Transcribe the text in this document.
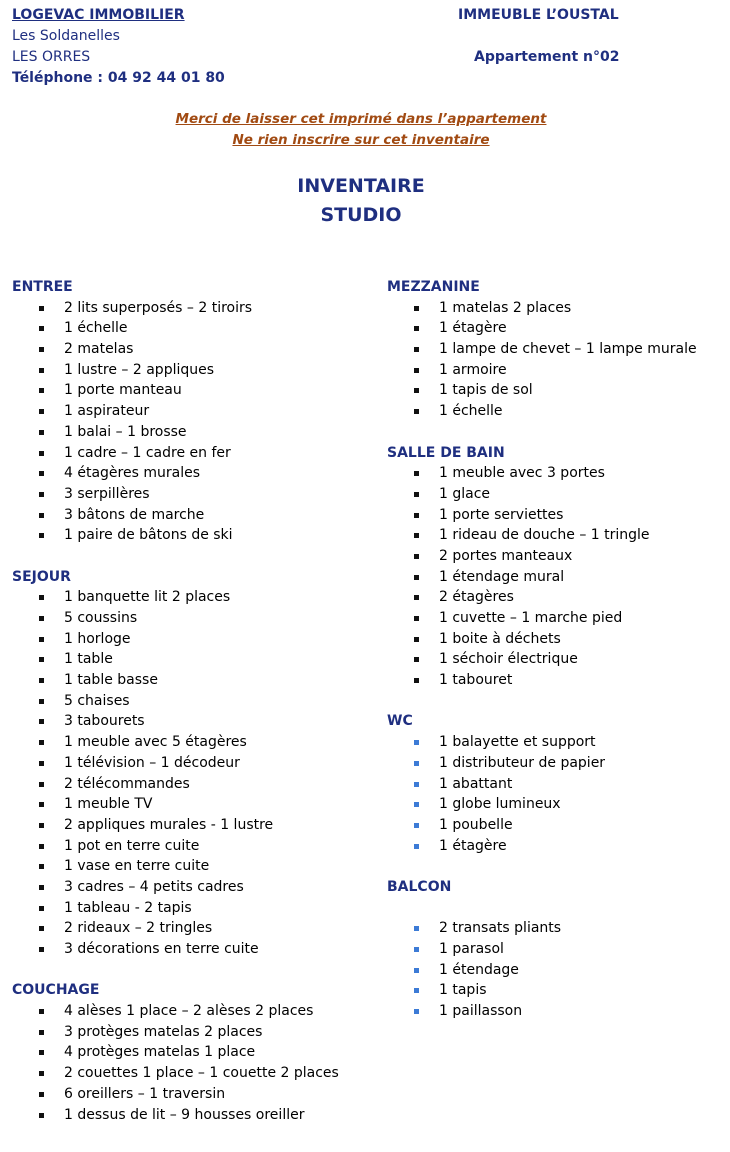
LOGEVAC IMMOBILIER
Les Soldanelles
LES ORRES
Téléphone : 04 92 44 01 80
IMMEUBLE L’OUSTAL
Appartement n°02
Merci de laisser cet imprimé dans l’appartement
Ne rien inscrire sur cet inventaire
INVENTAIRE
STUDIO
ENTREE
2 lits superposés – 2 tiroirs
1 échelle
2 matelas
1 lustre – 2 appliques
1 porte manteau
1 aspirateur
1 balai – 1 brosse
1 cadre – 1 cadre en fer
4 étagères murales
3 serpillères
3 bâtons de marche
1 paire de bâtons de ski
SEJOUR
1 banquette lit 2 places
5 coussins
1 horloge
1 table
1 table basse
5 chaises
3 tabourets
1 meuble avec 5 étagères
1 télévision – 1 décodeur
2 télécommandes
1 meuble TV
2 appliques murales - 1 lustre
1 pot en terre cuite
1 vase en terre cuite
3 cadres – 4 petits cadres
1 tableau - 2 tapis
2 rideaux – 2 tringles
3 décorations en terre cuite
COUCHAGE
4 alèses 1 place – 2 alèses 2 places
3 protèges matelas 2 places
4 protèges matelas 1 place
2 couettes 1 place – 1 couette 2 places
6 oreillers – 1 traversin
1 dessus de lit – 9 housses oreiller
MEZZANINE
1 matelas 2 places
1 étagère
1 lampe de chevet – 1 lampe murale
1 armoire
1 tapis de sol
1 échelle
SALLE DE BAIN
1 meuble avec 3 portes
1 glace
1 porte serviettes
1 rideau de douche – 1 tringle
2 portes manteaux
1 étendage mural
2 étagères
1 cuvette – 1 marche pied
1 boite à déchets
1 séchoir électrique
1 tabouret
WC
1 balayette et support
1 distributeur de papier
1 abattant
1 globe lumineux
1 poubelle
1 étagère
BALCON
2 transats pliants
1 parasol
1 étendage
1 tapis
1 paillasson
